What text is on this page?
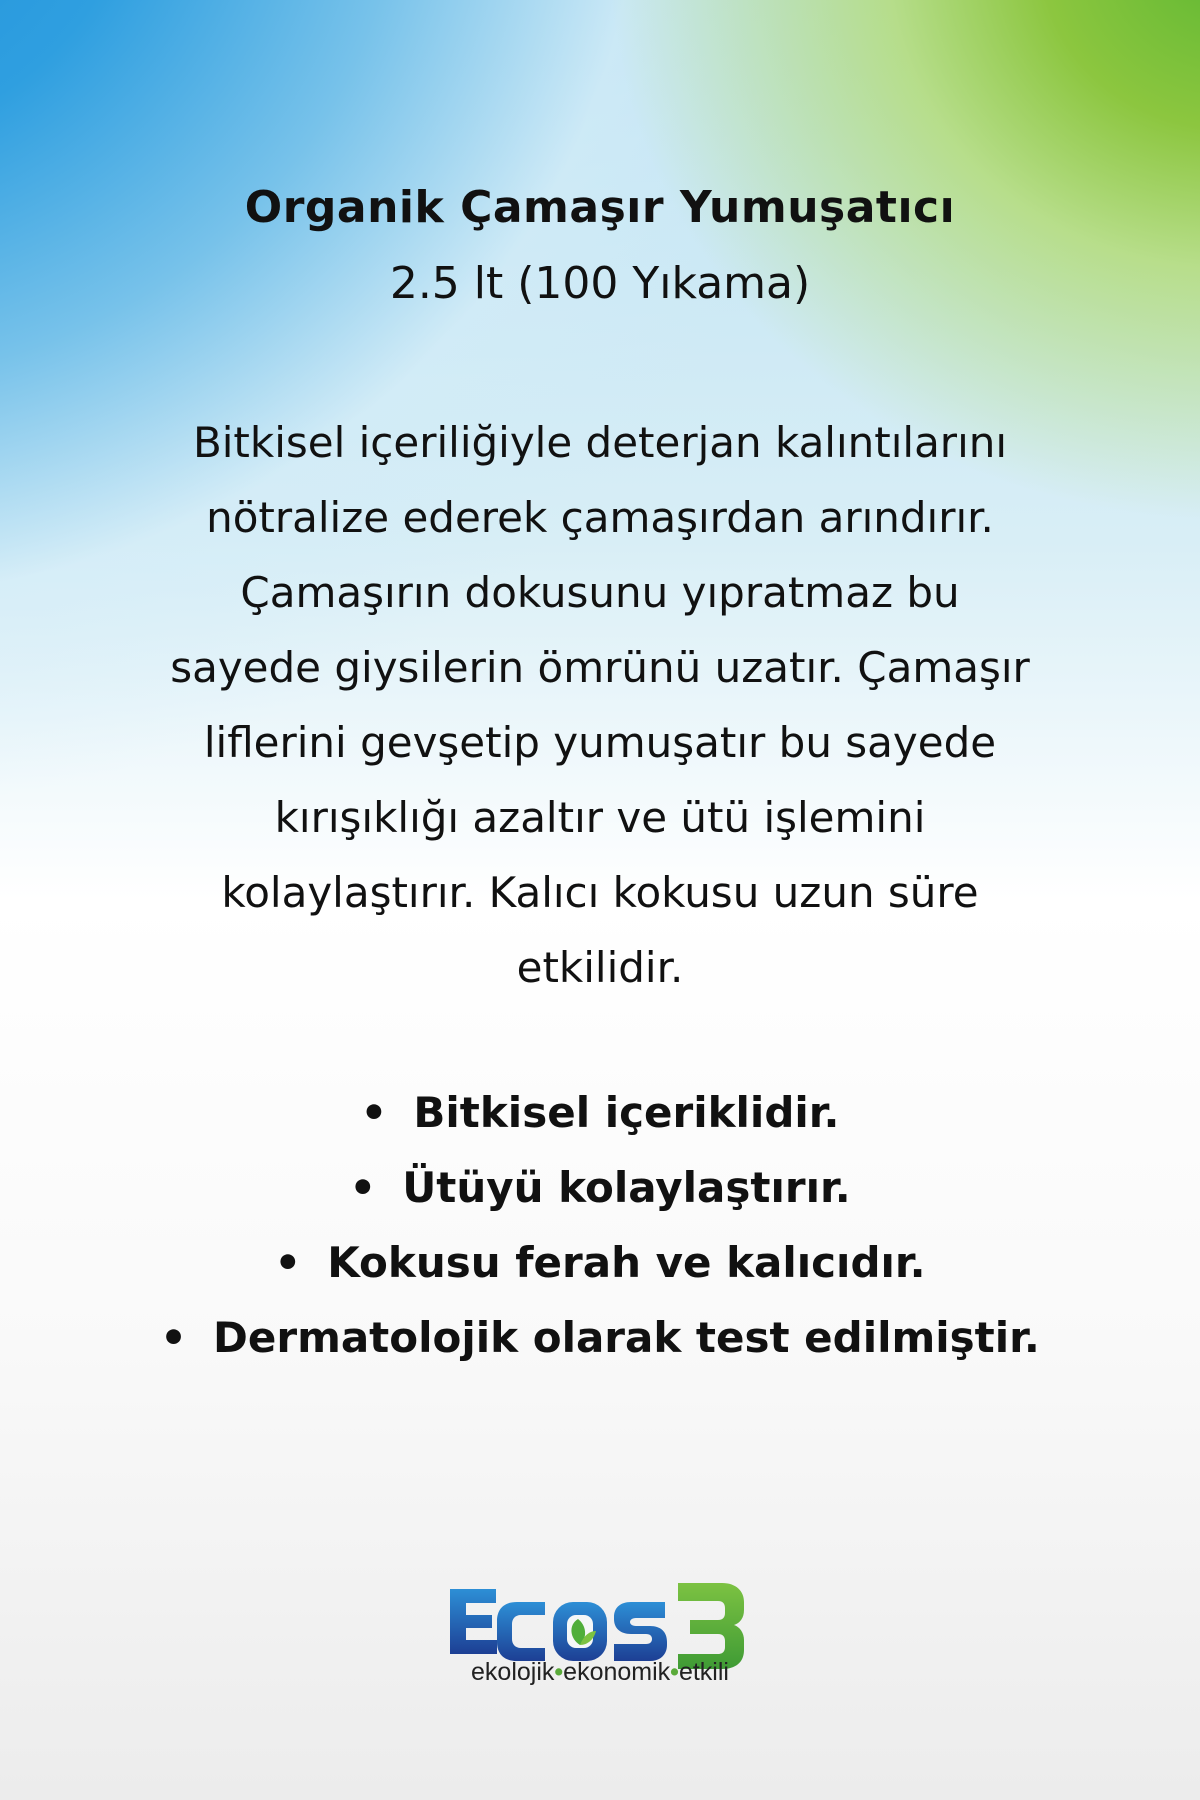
Organik Çamaşır Yumuşatıcı
2.5 lt (100 Yıkama)
Bitkisel içeriliğiyle deterjan kalıntılarını
nötralize ederek çamaşırdan arındırır.
Çamaşırın dokusunu yıpratmaz bu
sayede giysilerin ömrünü uzatır. Çamaşır
liflerini gevşetip yumuşatır bu sayede
kırışıklığı azaltır ve ütü işlemini
kolaylaştırır. Kalıcı kokusu uzun süre
etkilidir.
• Bitkisel içeriklidir.
• Ütüyü kolaylaştırır.
• Kokusu ferah ve kalıcıdır.
• Dermatolojik olarak test edilmiştir.
ekolojik•ekonomik•etkili
